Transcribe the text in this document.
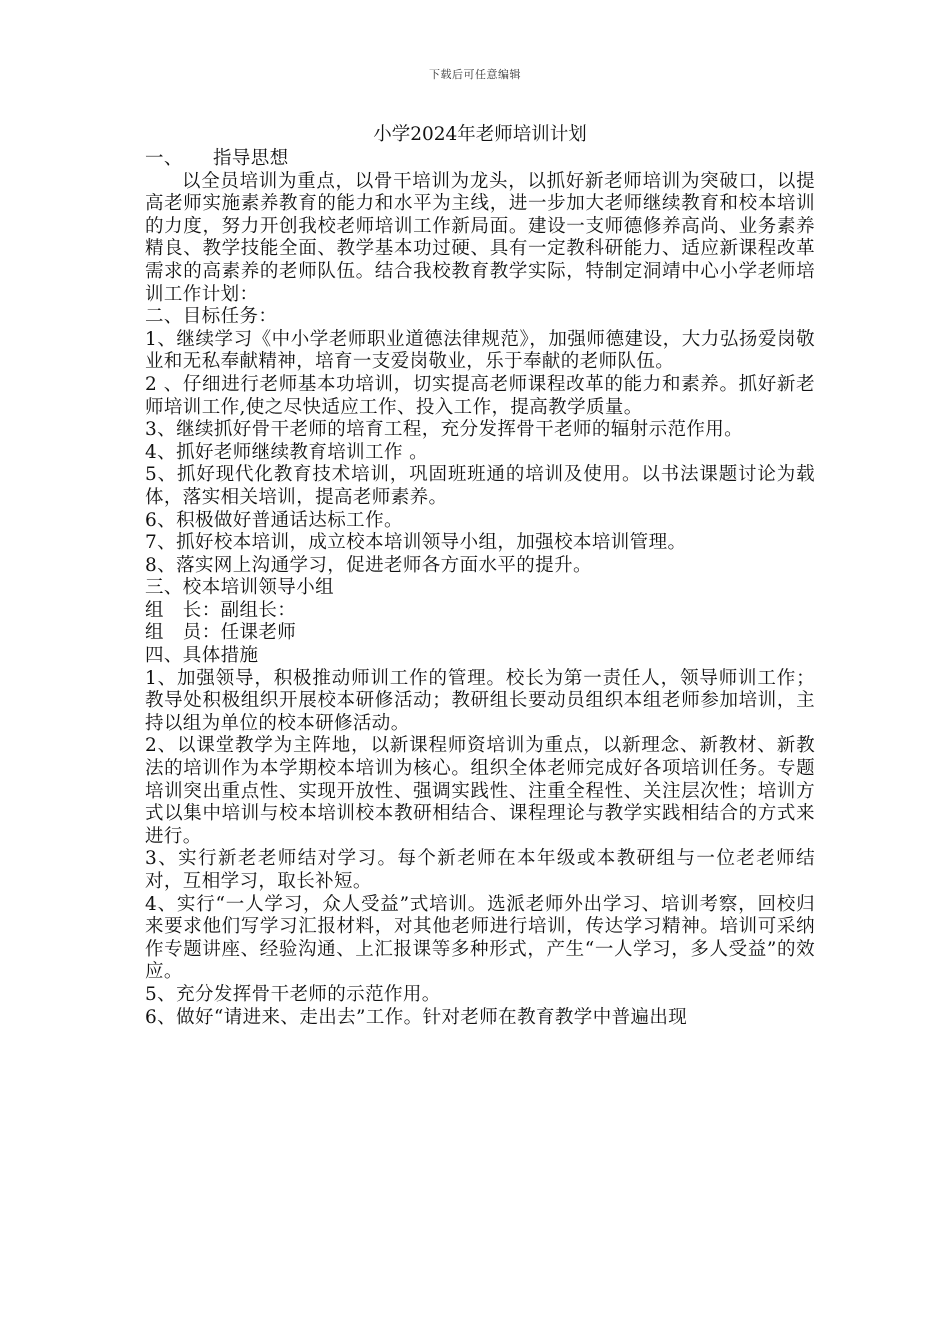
下载后可任意编辑
小学2024年老师培训计划

一、 指导思想

以全员培训为重点，以骨干培训为龙头，以抓好新老师培训为突破口，以提高老师实施素养教育的能力和水平为主线，进一步加大老师继续教育和校本培训的力度，努力开创我校老师培训工作新局面。建设一支师德修养高尚、业务素养精良、教学技能全面、教学基本功过硬、具有一定教科研能力、适应新课程改革需求的高素养的老师队伍。结合我校教育教学实际，特制定洞靖中心小学老师培训工作计划：

二、目标任务：

1、继续学习《中小学老师职业道德法律规范》，加强师德建设，大力弘扬爱岗敬业和无私奉献精神，培育一支爱岗敬业，乐于奉献的老师队伍。

2 、仔细进行老师基本功培训，切实提高老师课程改革的能力和素养。抓好新老师培训工作,使之尽快适应工作、投入工作，提高教学质量。

3、继续抓好骨干老师的培育工程，充分发挥骨干老师的辐射示范作用。

4、抓好老师继续教育培训工作 。

5、抓好现代化教育技术培训，巩固班班通的培训及使用。以书法课题讨论为载体，落实相关培训，提高老师素养。

6、积极做好普通话达标工作。

7、抓好校本培训，成立校本培训领导小组，加强校本培训管理。

8、落实网上沟通学习，促进老师各方面水平的提升。

三、校本培训领导小组

组　长：副组长：

组　员：任课老师

四、具体措施

1、加强领导，积极推动师训工作的管理。校长为第一责任人，领导师训工作；教导处积极组织开展校本研修活动；教研组长要动员组织本组老师参加培训，主持以组为单位的校本研修活动。

2、以课堂教学为主阵地，以新课程师资培训为重点，以新理念、新教材、新教法的培训作为本学期校本培训为核心。组织全体老师完成好各项培训任务。专题培训突出重点性、实现开放性、强调实践性、注重全程性、关注层次性；培训方式以集中培训与校本培训校本教研相结合、课程理论与教学实践相结合的方式来进行。

3、实行新老老师结对学习。每个新老师在本年级或本教研组与一位老老师结对，互相学习，取长补短。

4、实行“一人学习，众人受益”式培训。选派老师外出学习、培训考察，回校归来要求他们写学习汇报材料，对其他老师进行培训，传达学习精神。培训可采纳作专题讲座、经验沟通、上汇报课等多种形式，产生“一人学习，多人受益”的效应。

5、充分发挥骨干老师的示范作用。

6、做好“请进来、走出去”工作。针对老师在教育教学中普遍出现
